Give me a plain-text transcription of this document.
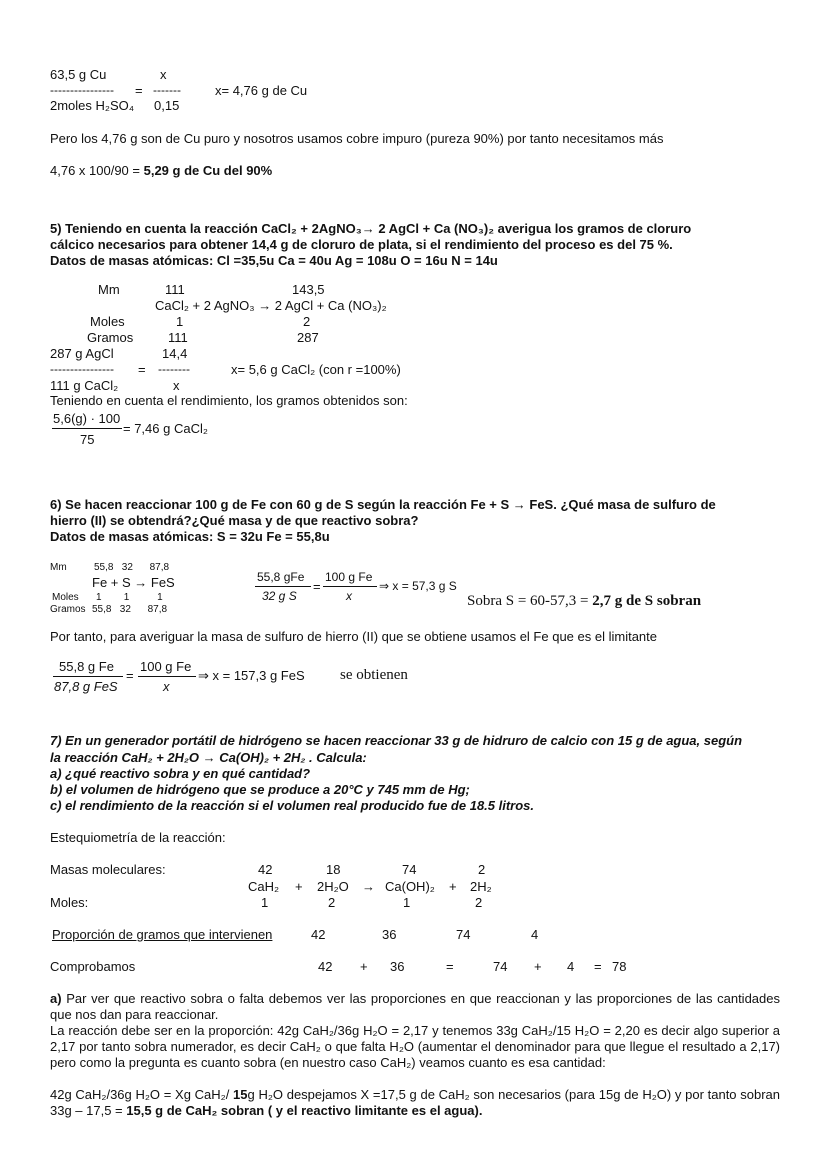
63,5 g Cu	x
---------------- = -------	x= 4,76 g de Cu
2moles H₂SO₄ 0,15
Pero los 4,76 g son de Cu puro y nosotros usamos cobre impuro (pureza 90%) por tanto necesitamos más
4,76 x 100/90 = 5,29 g de Cu del 90%
5) Teniendo en cuenta la reacción CaCl₂ + 2AgNO₃→ 2 AgCl + Ca (NO₃)₂ averigua los gramos de cloruro
cálcico necesarios para obtener 14,4 g de cloruro de plata, si el rendimiento del proceso es del 75 %.
Datos de masas atómicas: Cl =35,5u Ca = 40u Ag = 108u O = 16u N = 14u
Mm	111	143,5
CaCl₂ + 2 AgNO₃ → 2 AgCl + Ca (NO₃)₂
Moles	1	2
Gramos	111	287
287 g AgCl	14,4
---------------- = --------	x= 5,6 g CaCl₂ (con r =100%)
111 g CaCl₂	x
Teniendo en cuenta el rendimiento, los gramos obtenidos son:
5,6(g) · 100
75
= 7,46 g CaCl₂
6) Se hacen reaccionar 100 g de Fe con 60 g de S según la reacción Fe + S → FeS. ¿Qué masa de sulfuro de
hierro (II) se obtendrá?¿Qué masa y de que reactivo sobra?
Datos de masas atómicas: S = 32u Fe = 55,8u
Mm	55,8   32      87,8
Fe + S → FeS
Moles 1        1          1
Gramos 55,8   32      87,8
55,8 gFe
32 g S
=
100 g Fe
x
⇒ x = 57,3 g S
Sobra S = 60-57,3 = 2,7 g de S sobran
Por tanto, para averiguar la masa de sulfuro de hierro (II) que se obtiene usamos el Fe que es el limitante
55,8 g Fe
87,8 g FeS
=
100 g Fe
x
⇒ x = 157,3 g FeS se obtienen
7) En un generador portátil de hidrógeno se hacen reaccionar 33 g de hidruro de calcio con 15 g de agua, según
la reacción CaH₂ + 2H₂O → Ca(OH)₂ + 2H₂ . Calcula:
a) ¿qué reactivo sobra y en qué cantidad?
b) el volumen de hidrógeno que se produce a 20°C y 745 mm de Hg;
c) el rendimiento de la reacción si el volumen real producido fue de 18.5 litros.
Estequiometría de la reacción:
Masas moleculares:	42	18	74	2
CaH₂ + 2H₂O → Ca(OH)₂ + 2H₂
Moles:	1	2	1	2
Proporción de gramos que intervienen	42	36	74	4
Comprobamos	42 + 36	=	74 + 4 = 78
a) Par ver que reactivo sobra o falta debemos ver las proporciones en que reaccionan y las proporciones de las cantidades que nos dan para reaccionar.
La reacción debe ser en la proporción: 42g CaH₂/36g H₂O = 2,17 y tenemos 33g CaH₂/15 H₂O = 2,20 es decir algo superior a 2,17 por tanto sobra numerador, es decir CaH₂ o que falta H₂O (aumentar el denominador para que llegue el resultado a 2,17) pero como la pregunta es cuanto sobra (en nuestro caso CaH₂) veamos cuanto es esa cantidad:
42g CaH₂/36g H₂O = Xg CaH₂/ 15g H₂O despejamos X =17,5 g de CaH₂ son necesarios (para 15g de H₂O) y por tanto sobran 33g – 17,5 = 15,5 g de CaH₂ sobran ( y el reactivo limitante es el agua).
